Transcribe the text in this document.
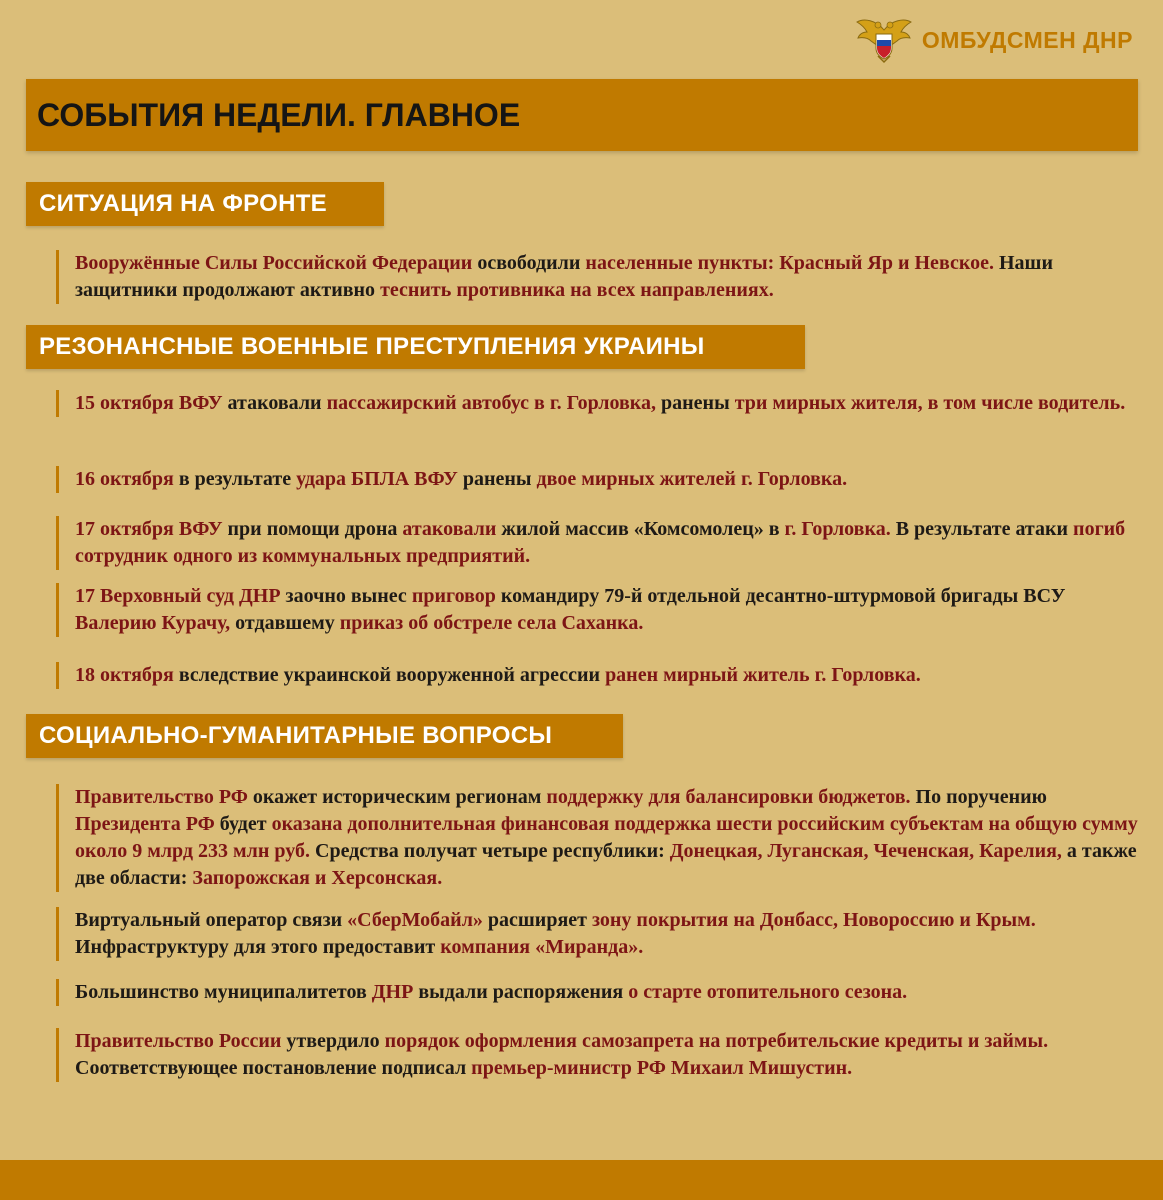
ОМБУДСМЕН ДНР
СОБЫТИЯ НЕДЕЛИ. ГЛАВНОЕ
СИТУАЦИЯ НА ФРОНТЕ
Вооружённые Силы Российской Федерации освободили населенные пункты: Красный Яр и Невское. Наши защитники продолжают активно теснить противника на всех направлениях.
РЕЗОНАНСНЫЕ ВОЕННЫЕ ПРЕСТУПЛЕНИЯ УКРАИНЫ
15 октября ВФУ атаковали пассажирский автобус в г. Горловка, ранены три мирных жителя, в том числе водитель.
16 октября в результате удара БПЛА ВФУ ранены двое мирных жителей г. Горловка.
17 октября ВФУ при помощи дрона атаковали жилой массив «Комсомолец» в г. Горловка. В результате атаки погиб сотрудник одного из коммунальных предприятий.
17 Верховный суд ДНР заочно вынес приговор командиру 79-й отдельной десантно-штурмовой бригады ВСУ Валерию Курачу, отдавшему приказ об обстреле села Саханка.
18 октября вследствие украинской вооруженной агрессии ранен мирный житель г. Горловка.
СОЦИАЛЬНО-ГУМАНИТАРНЫЕ ВОПРОСЫ
Правительство РФ окажет историческим регионам поддержку для балансировки бюджетов. По поручению Президента РФ будет оказана дополнительная финансовая поддержка шести российским субъектам на общую сумму около 9 млрд 233 млн руб. Средства получат четыре республики: Донецкая, Луганская, Чеченская, Карелия, а также две области: Запорожская и Херсонская.
Виртуальный оператор связи «СберМобайл» расширяет зону покрытия на Донбасс, Новороссию и Крым. Инфраструктуру для этого предоставит компания «Миранда».
Большинство муниципалитетов ДНР выдали распоряжения о старте отопительного сезона.
Правительство России утвердило порядок оформления самозапрета на потребительские кредиты и займы. Соответствующее постановление подписал премьер-министр РФ Михаил Мишустин.
